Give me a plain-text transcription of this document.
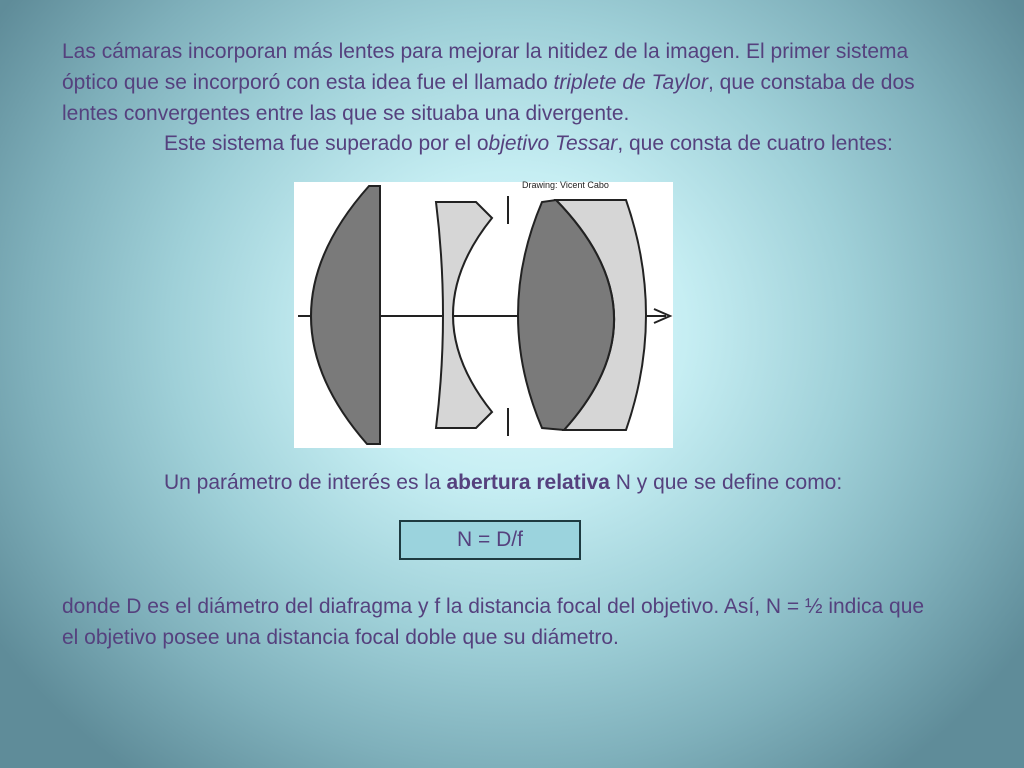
Las cámaras incorporan más lentes para mejorar la nitidez de la imagen. El primer sistema óptico que se incorporó con esta idea fue el llamado triplete de Taylor, que constaba de dos lentes convergentes entre las que se situaba una divergente.

Este sistema fue superado por el objetivo Tessar, que consta de cuatro lentes:

Drawing: Vicent Cabo

Un parámetro de interés es la abertura relativa N y que se define como:

N = D/f

donde D es el diámetro del diafragma y f la distancia focal del objetivo. Así, N = ½ indica que el objetivo posee una distancia focal doble que su diámetro.
